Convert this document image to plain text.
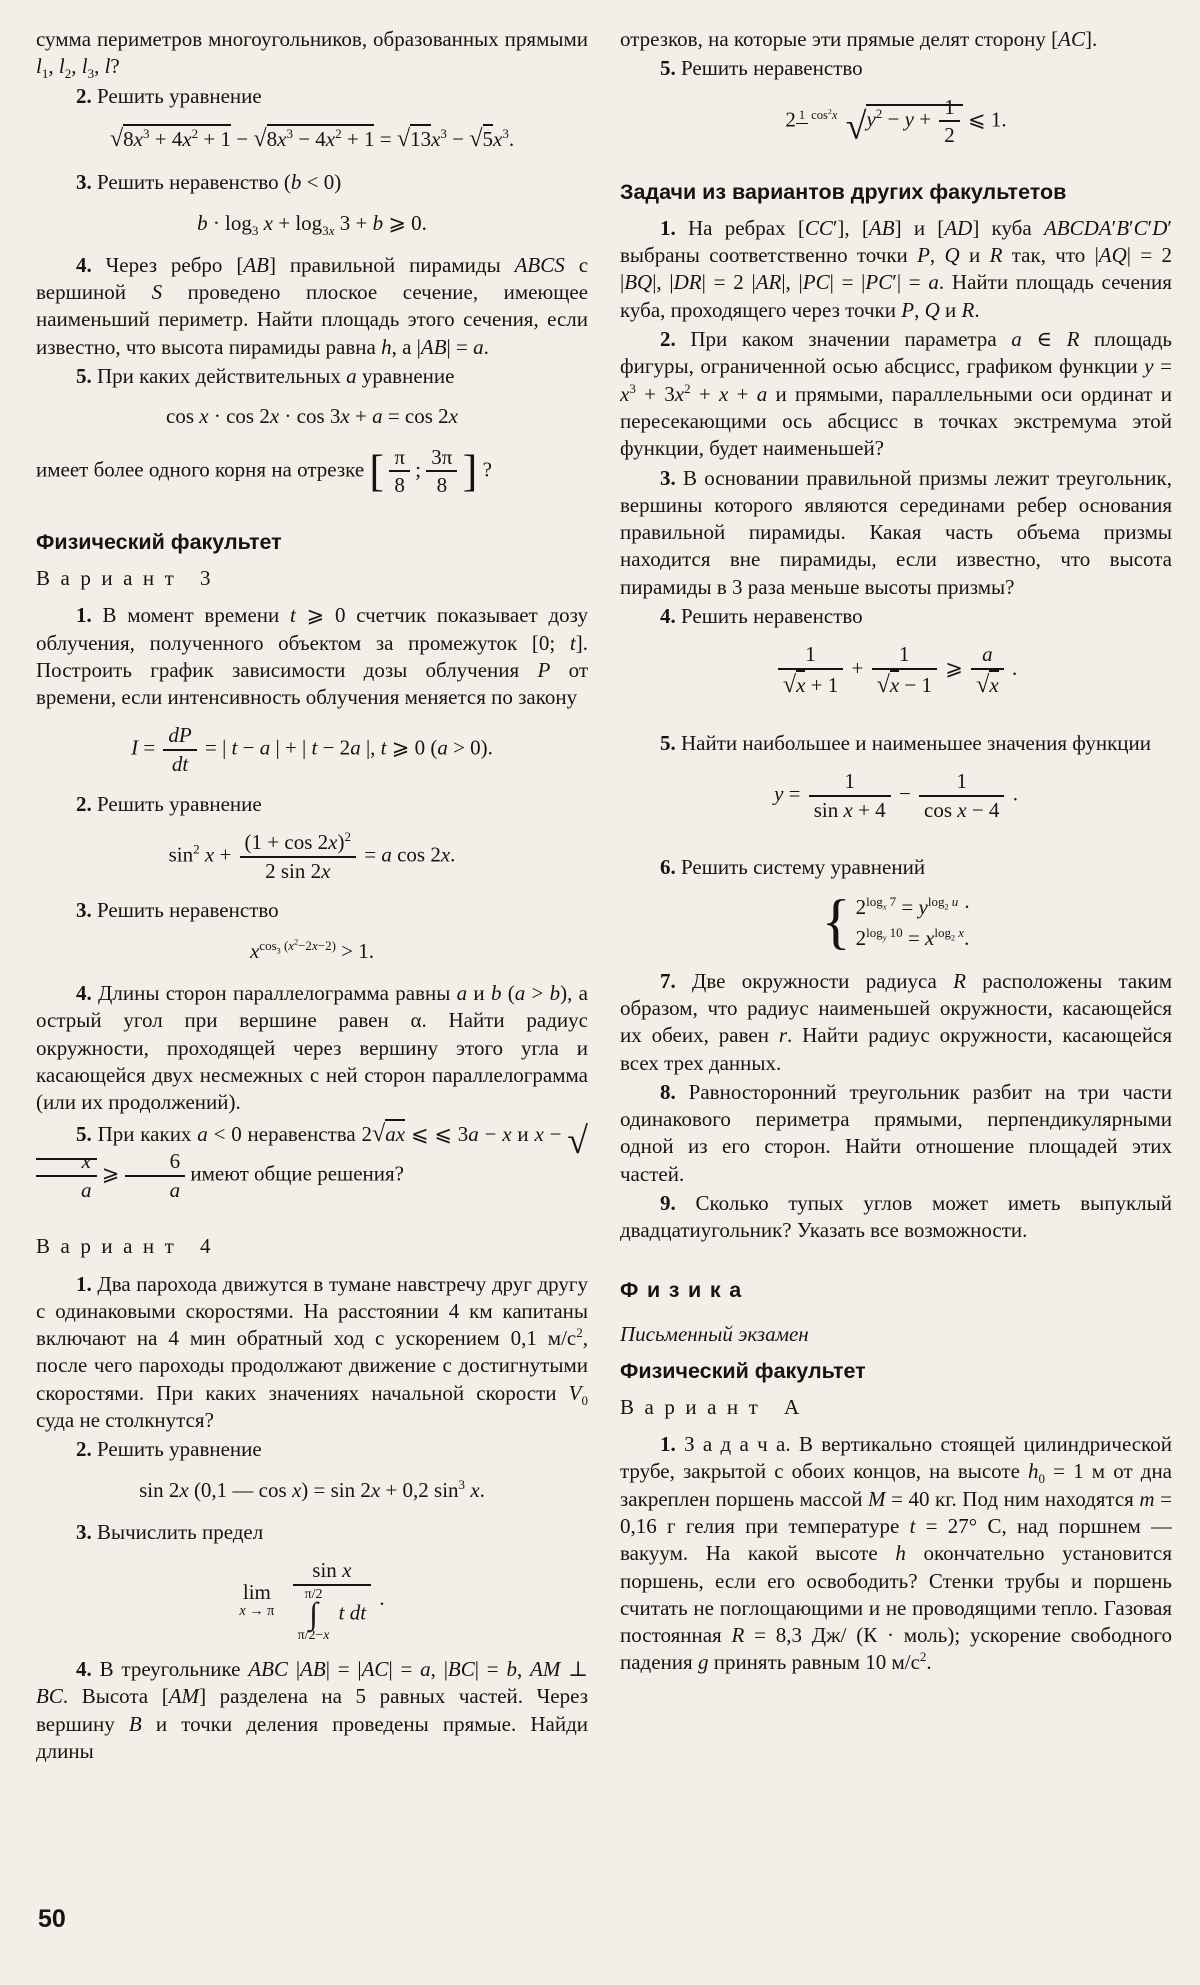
сумма периметров многоугольников, образованных прямыми $l_1$, $l_2$, $l_3$, l?
2. Решить уравнение
$√8x^3 + 4x^2 + 1 - √8x^3 - 4x^2 + 1 = √13x^3 - √5x^3$.
3. Решить неравенство (b < 0)
$b \cdot \log_3 x + \log_{3x} 3 + b$ ⩾ 0.
4. Через ребро [AB] правильной пирамиды ABCS с вершиной S проведено плоское сечение, имеющее наименьший периметр. Найти площадь этого сечения, если известно, что высота пирамиды равна h, а |AB| = a.
5. При каких действительных a уравнение
cos x · cos 2x · cos 3x + a = cos 2x
имеет более одного корня на отрезке [ $\frac{\pi}{8}$ ; $\frac{3\pi}{8}$ ] ?
Физический факультет
Вариант 3
1. В момент времени t ⩾ 0 счетчик показывает дозу облучения, полученного объектом за промежуток [0; t]. Построить график зависимости дозы облучения P от времени, если интенсивность облучения меняется по закону
$I = \frac{dP}{dt}$ = | t − a | + | t − 2a |, t ⩾ 0 (a > 0).
2. Решить уравнение
$\sin^2 x + \frac{(1 + \cos 2x)^2}{2 \sin 2x} = a$ cos 2x.
3. Решить неравенство
$x^{cos_3 (x^2-2x-2)} > 1$.
4. Длины сторон параллелограмма равны a и b (a > b), а острый угол при вершине равен α. Найти радиус окружности, проходящей через вершину этого угла и касающейся двух несмежных с ней сторон параллелограмма (или их продолжений).
5. При каких a < 0 неравенства 2√ax ⩽ ⩽ 3a − x и x − √
$\frac{x}{a}$ ⩾ $\frac{6}{a}$ имеют общие решения?
Вариант 4
1. Два парохода движутся в тумане навстречу друг другу с одинаковыми скоростями. На расстоянии 4 км капитаны включают на 4 мин обратный ход с ускорением 0,1 $м/с^2$, после чего пароходы продолжают движение с достигнутыми скоростями. При каких значениях начальной скорости $V_0$ суда не столкнутся?
2. Решить уравнение
sin 2x (0,1 — cos x) = sin 2x + 0,2 $\sin^3 x$.
3. Вычислить предел
lim
x → π
sin x
π/2
∫
π/2−x
t dt .
4. В треугольнике ABC |AB| = |AC| = a, |BC| = b, AM ⊥ BC. Высота [AM] разделена на 5 равных частей. Через вершину B и точки деления проведены прямые. Найди длины
отрезков, на которые эти прямые делят сторону [AC].
5. Решить неравенство
2 1 $\cos^2x$ $√y^2 - y + \frac{1}{2}$ ⩽ 1.
Задачи из вариантов других факультетов
1. На ребрах [CC′], [AB] и [AD] куба ABCDA′B′C′D′ выбраны соответственно точки P, Q и R так, что |AQ| = 2 |BQ|, |DR| = 2 |AR|, |PC| = |PC′| = a. Найти площадь сечения куба, проходящего через точки P, Q и R.
2. При каком значении параметра a ∈ R площадь фигуры, ограниченной осью абсцисс, графиком функции $y = x^3 + 3x^2 + x + a$ и прямыми, параллельными оси ординат и пересекающими ось абсцисс в точках экстремума этой функции, будет наименьшей?
3. В основании правильной призмы лежит треугольник, вершины которого являются серединами ребер основания правильной пирамиды. Какая часть объема призмы находится вне пирамиды, если известно, что высота пирамиды в 3 раза меньше высоты призмы?
4. Решить неравенство
$\frac{1}{√x + 1} + \frac{1}{√x - 1}$ ⩾ $\frac{a}{√x}$ .
5. Найти наибольшее и наименьшее значения функции
$y = \frac{1}{\text{sin x + 4}} - \frac{1}{\text{cos x − 4}}$ .
6. Решить систему уравнений
{ $2^{log_x 7} = y^{log_2 u}$ ·
$2^{log_y 10} = x^{log_2 x}$.
7. Две окружности радиуса R расположены таким образом, что радиус наименьшей окружности, касающейся их обеих, равен r. Найти радиус окружности, касающейся всех трех данных.
8. Равносторонний треугольник разбит на три части одинакового периметра прямыми, перпендикулярными одной из его сторон. Найти отношение площадей этих частей.
9. Сколько тупых углов может иметь выпуклый двадцатиугольник? Указать все возможности.
Физика
Письменный экзамен
Физический факультет
Вариант А
1. З а д а ч а. В вертикально стоящей цилиндрической трубе, закрытой с обоих концов, на высоте $h_0 = 1$ м от дна закреплен поршень массой M = 40 кг. Под ним находятся m = 0,16 г гелия при температуре t = 27° С, над поршнем — вакуум. На какой высоте h окончательно установится поршень, если его освободить? Стенки трубы и поршень считать не поглощающими и не проводящими тепло. Газовая постоянная R = 8,3 Дж/ (К · моль); ускорение свободного падения g принять равным 10 $м/с^2$.
50
